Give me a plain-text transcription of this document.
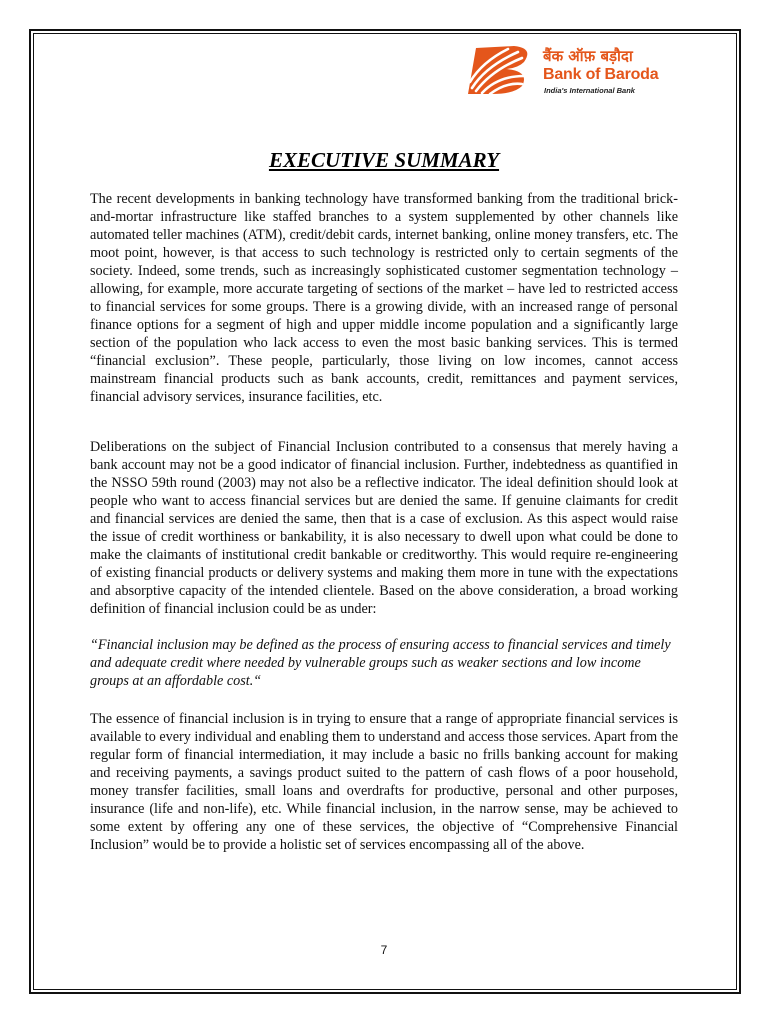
बैंक ऑफ़ बड़ौदा
Bank of Baroda
India's International Bank
EXECUTIVE SUMMARY

The recent developments in banking technology have transformed banking from the traditional brick-and-mortar infrastructure like staffed branches to a system supplemented by other channels like automated teller machines (ATM), credit/debit cards, internet banking, online money transfers, etc. The moot point, however, is that access to such technology is restricted only to certain segments of the society. Indeed, some trends, such as increasingly sophisticated customer segmentation technology – allowing, for example, more accurate targeting of sections of the market – have led to restricted access to financial services for some groups. There is a growing divide, with an increased range of personal finance options for a segment of high and upper middle income population and a significantly large section of the population who lack access to even the most basic banking services. This is termed “financial exclusion”. These people, particularly, those living on low incomes, cannot access mainstream financial products such as bank accounts, credit, remittances and payment services, financial advisory services, insurance facilities, etc.

Deliberations on the subject of Financial Inclusion contributed to a consensus that merely having a bank account may not be a good indicator of financial inclusion. Further, indebtedness as quantified in the NSSO 59th round (2003) may not also be a reflective indicator. The ideal definition should look at people who want to access financial services but are denied the same. If genuine claimants for credit and financial services are denied the same, then that is a case of exclusion. As this aspect would raise the issue of credit worthiness or bankability, it is also necessary to dwell upon what could be done to make the claimants of institutional credit bankable or creditworthy. This would require re-engineering of existing financial products or delivery systems and making them more in tune with the expectations and absorptive capacity of the intended clientele. Based on the above consideration, a broad working definition of financial inclusion could be as under:

“Financial inclusion may be defined as the process of ensuring access to financial services and timely and adequate credit where needed by vulnerable groups such as weaker sections and low income groups at an affordable cost.“

The essence of financial inclusion is in trying to ensure that a range of appropriate financial services is available to every individual and enabling them to understand and access those services. Apart from the regular form of financial intermediation, it may include a basic no frills banking account for making and receiving payments, a savings product suited to the pattern of cash flows of a poor household, money transfer facilities, small loans and overdrafts for productive, personal and other purposes, insurance (life and non-life), etc. While financial inclusion, in the narrow sense, may be achieved to some extent by offering any one of these services, the objective of “Comprehensive Financial Inclusion” would be to provide a holistic set of services encompassing all of the above.

7
